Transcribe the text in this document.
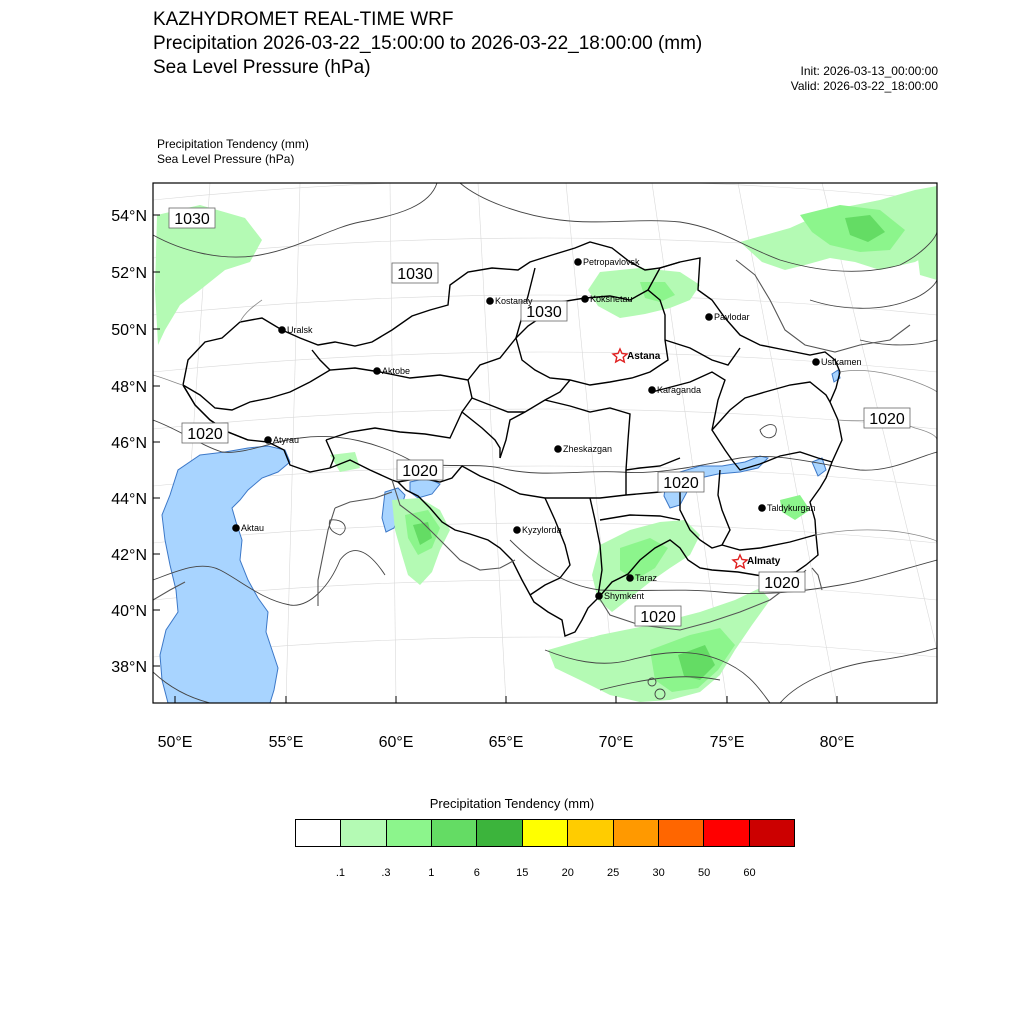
KAZHYDROMET REAL-TIME WRF
Precipitation 2026-03-22_15:00:00 to 2026-03-22_18:00:00 (mm)
Sea Level Pressure (hPa)	Init: 2026-03-13_00:00:00
Valid: 2026-03-22_18:00:00
Precipitation Tendency (mm)
Sea Level Pressure (hPa)
54°N
52°N
50°N
48°N
46°N
44°N
42°N
40°N
38°N
50°E	55°E	60°E	65°E	70°E	75°E	80°E
1030
1030
1030
1020
1020
1020
1020
1020
1020
Petropavlovsk
Kostanay	Kokshetau
Pavlodar
Uralsk
Astana	Ustkamen
Aktobe
Karaganda
Atyrau
Zheskazgan
Taldykurgan
Aktau	Kyzylorda
Almaty
Taraz
Shymkent
Precipitation Tendency (mm)
.1	.3	1	6	15	20	25	30	50	60
